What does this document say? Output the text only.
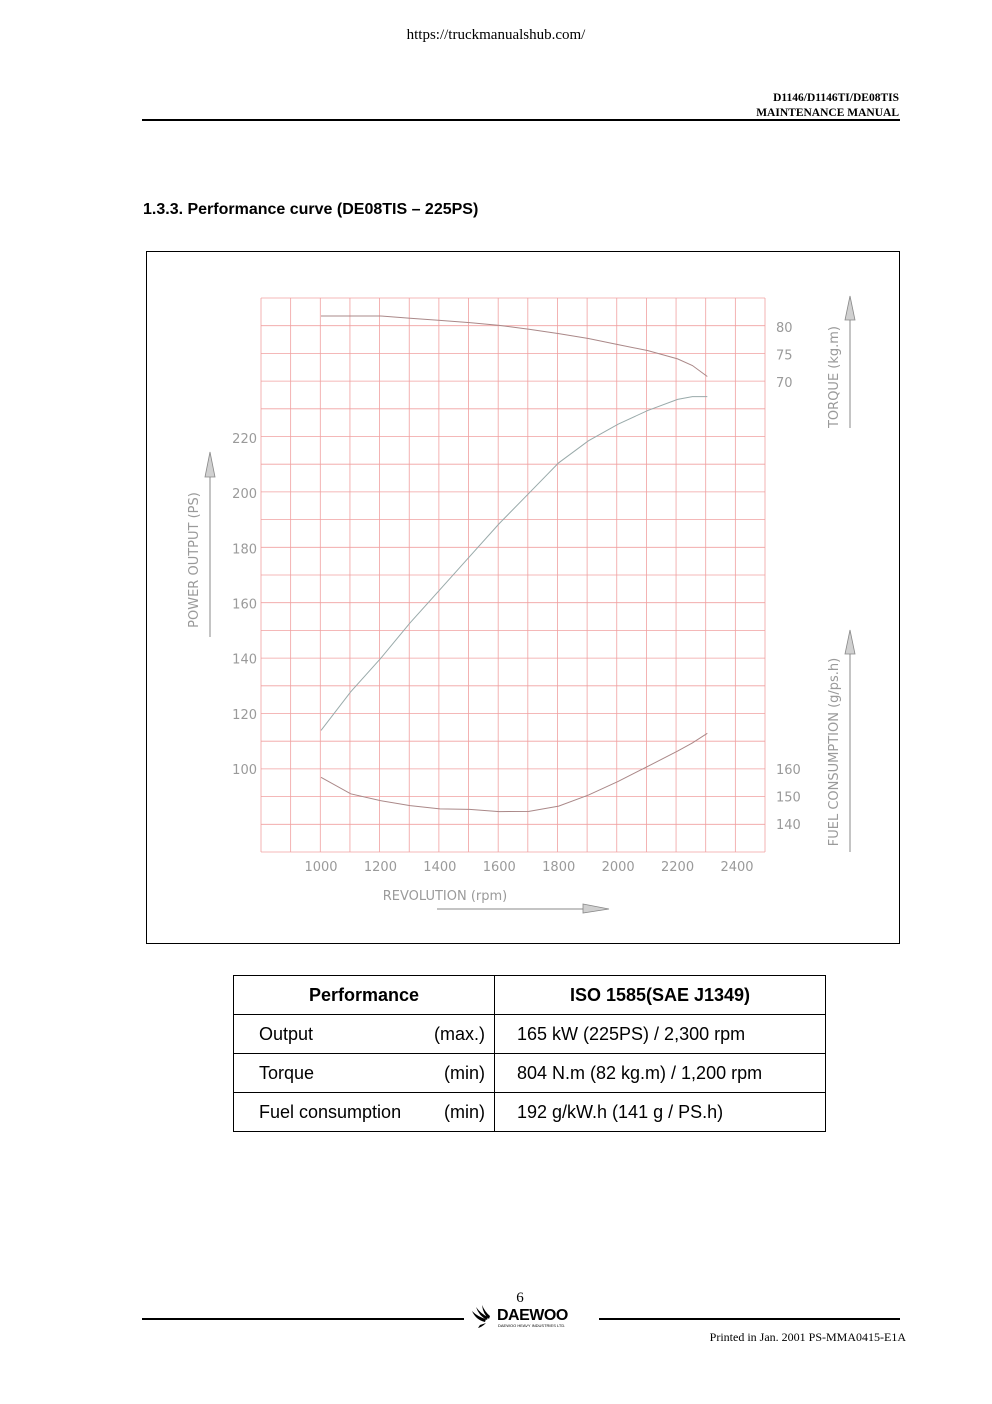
https://truckmanualshub.com/
D1146/D1146TI/DE08TIS
MAINTENANCE MANUAL
1.3.3. Performance curve (DE08TIS – 225PS)
1000 1200 1400 1600 1800 2000 2200 2400
100
120
140
160
180
200
220
70
75
80
140
150
160
REVOLUTION (rpm)
POWER OUTPUT (PS)
TORQUE (kg.m)
FUEL CONSUMPTION (g/ps.h)
Performance	ISO 1585(SAE J1349)

Output (max.)	165 kW (225PS) / 2,300 rpm

Torque (min)	804 N.m (82 kg.m) / 1,200 rpm

Fuel consumption (min)	192 g/kW.h (141 g / PS.h)
6
DAEWOO
DAEWOO HEAVY INDUSTRIES LTD.
Printed in Jan. 2001 PS-MMA0415-E1A
